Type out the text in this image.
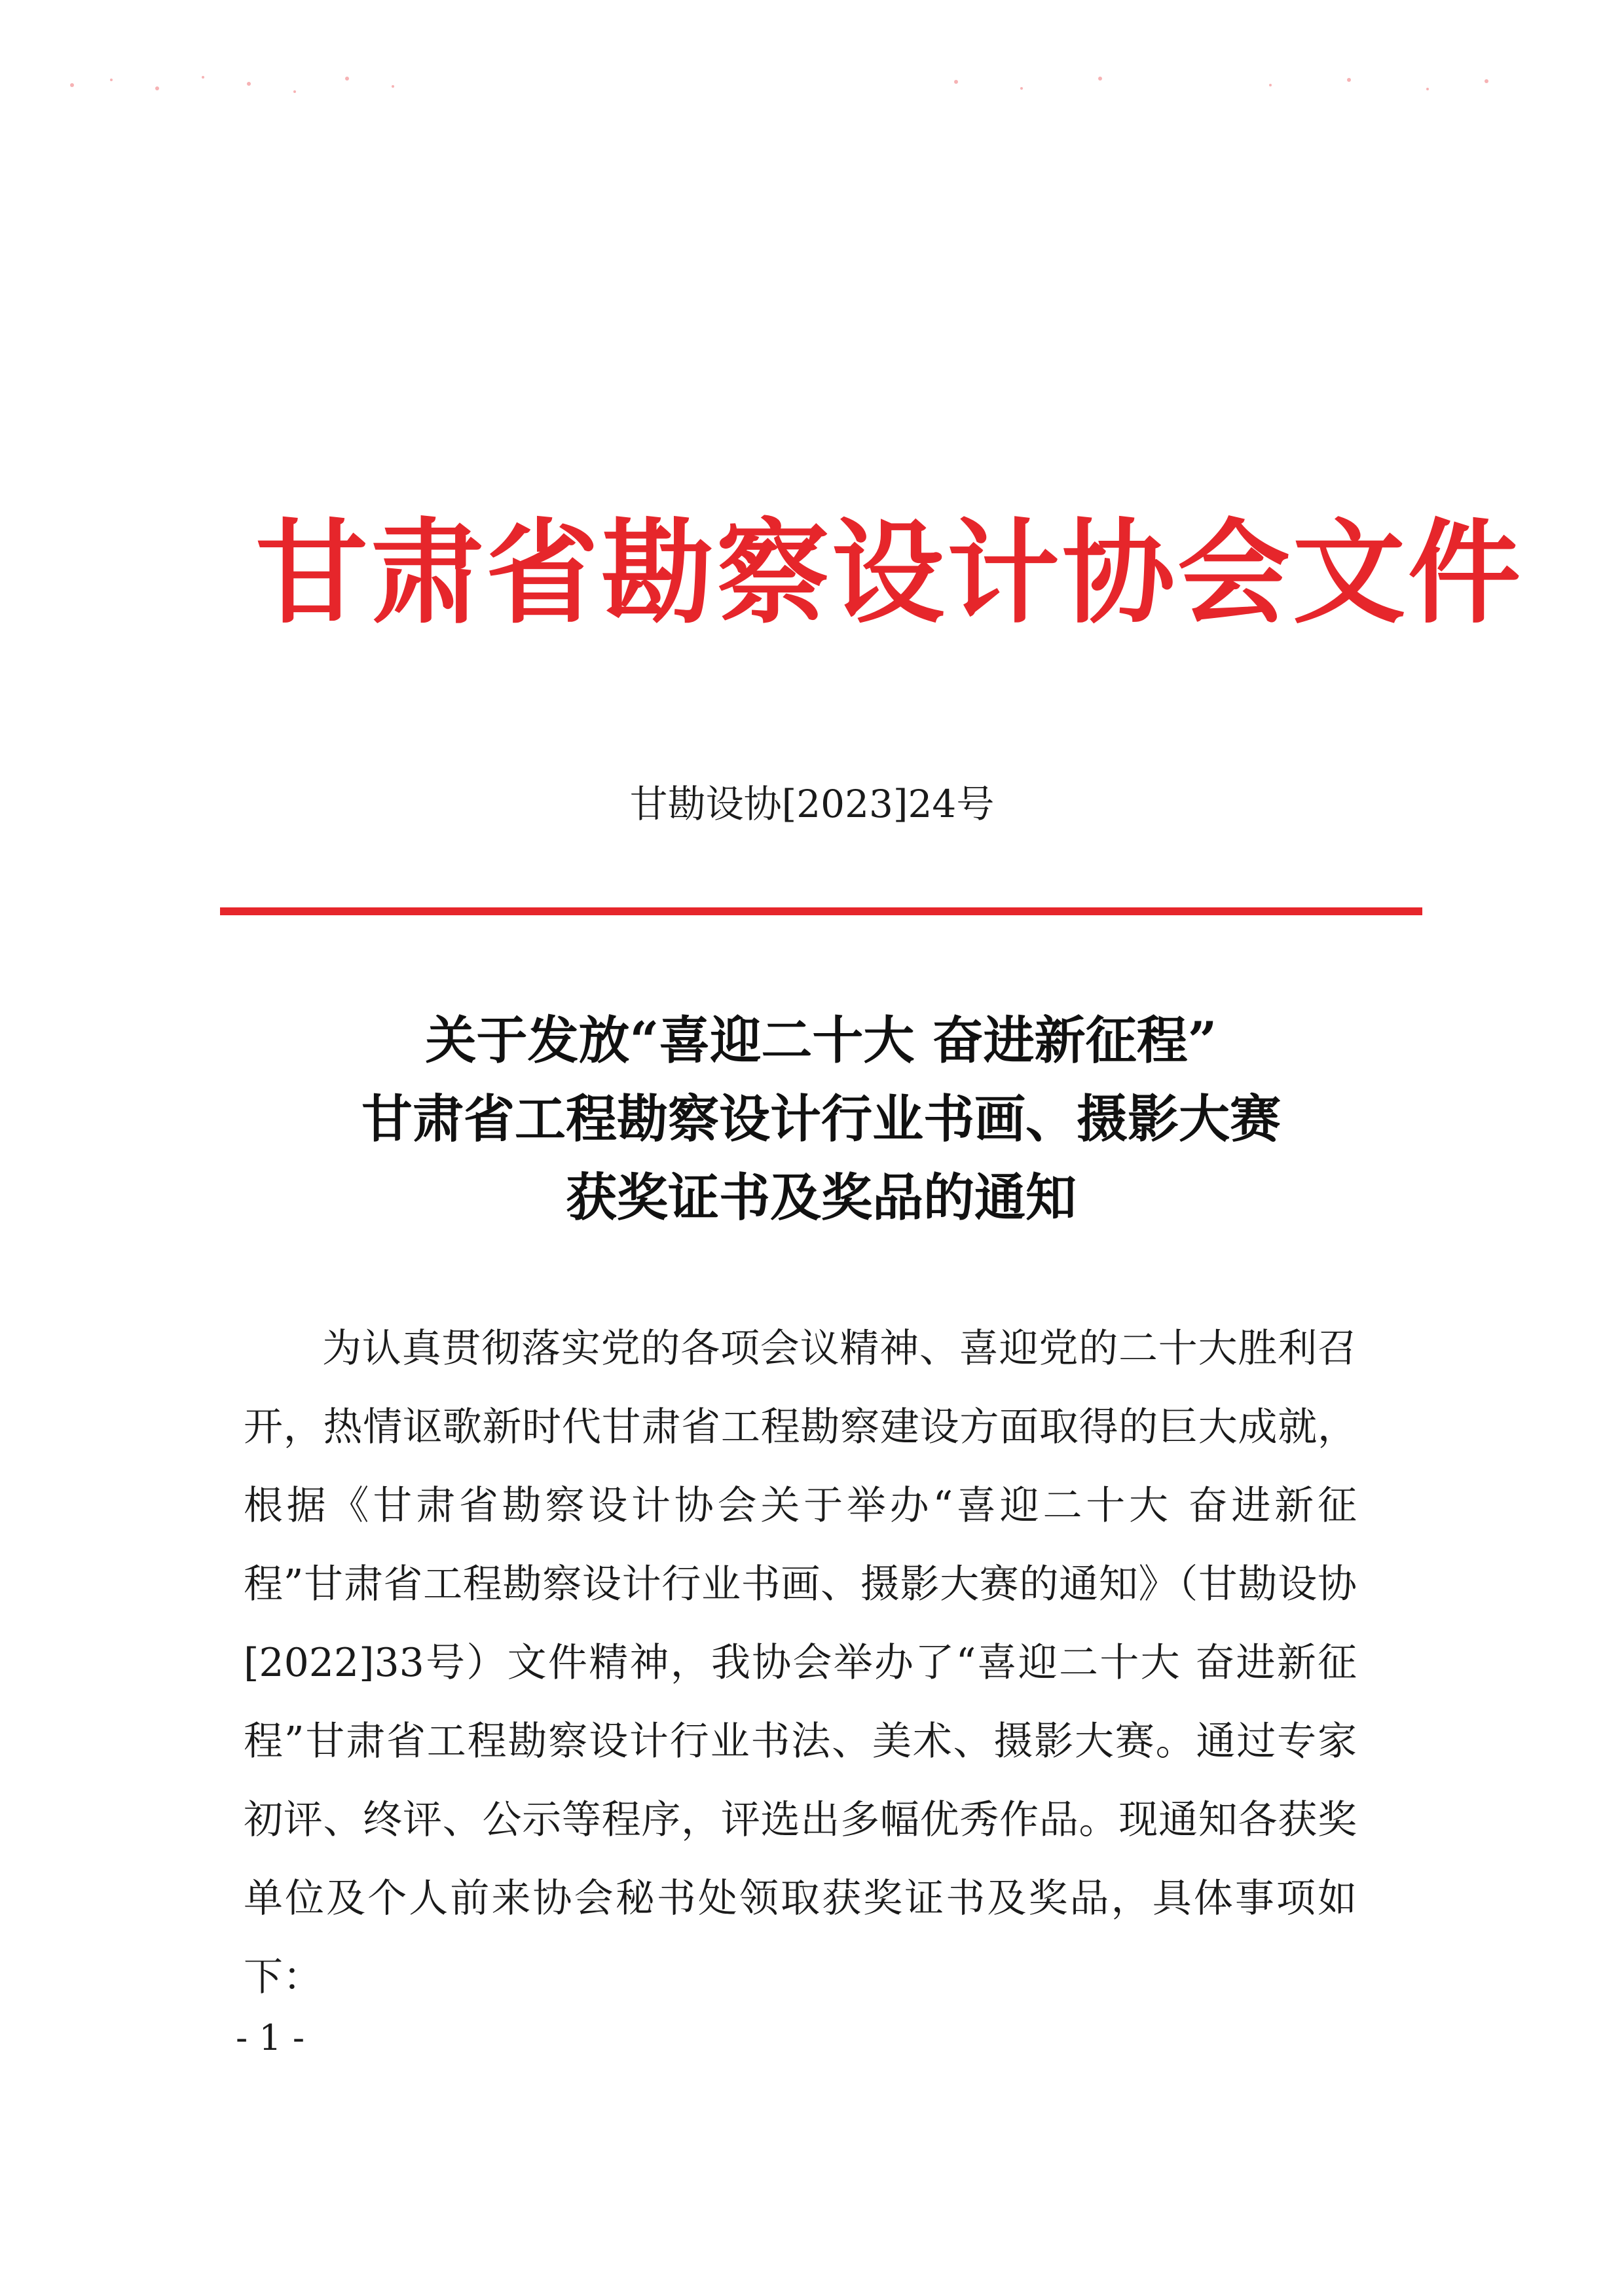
甘肃省勘察设计协会文件
甘勘设协[2023]24号
关于发放“喜迎二十大 奋进新征程”
甘肃省工程勘察设计行业书画、摄影大赛
获奖证书及奖品的通知
为认真贯彻落实党的各项会议精神、喜迎党的二十大胜利召开，热情讴歌新时代甘肃省工程勘察建设方面取得的巨大成就，根据《甘肃省勘察设计协会关于举办“喜迎二十大 奋进新征程”甘肃省工程勘察设计行业书画、摄影大赛的通知》（甘勘设协[2022]33号）文件精神，我协会举办了“喜迎二十大 奋进新征程”甘肃省工程勘察设计行业书法、美术、摄影大赛。通过专家初评、终评、公示等程序，评选出多幅优秀作品。现通知各获奖单位及个人前来协会秘书处领取获奖证书及奖品，具体事项如下：
- 1 -
